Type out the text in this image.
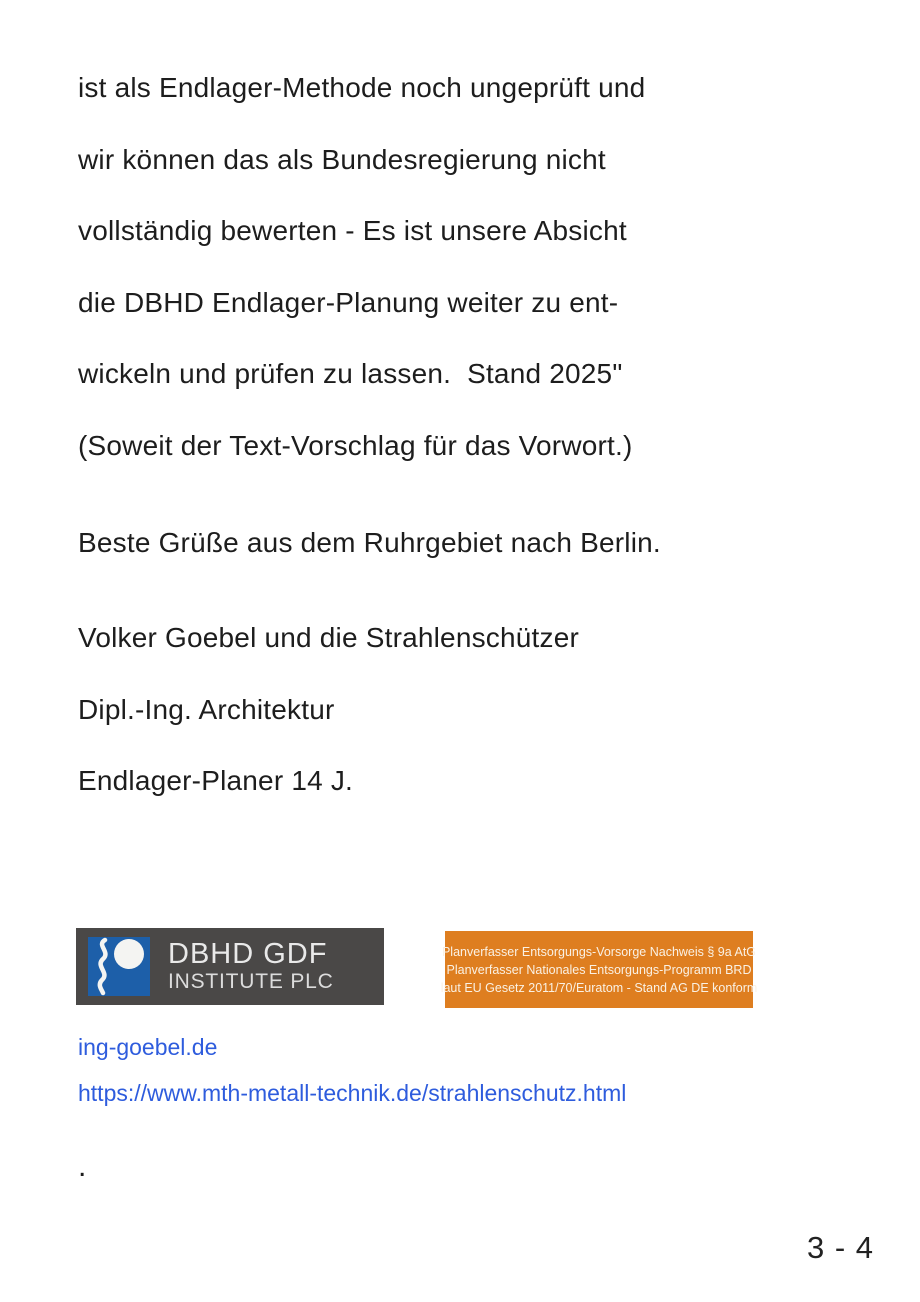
ist als Endlager-Methode noch ungeprüft und
wir können das als Bundesregierung nicht
vollständig bewerten - Es ist unsere Absicht
die DBHD Endlager-Planung weiter zu ent-
wickeln und prüfen zu lassen.  Stand 2025"
(Soweit der Text-Vorschlag für das Vorwort.)
Beste Grüße aus dem Ruhrgebiet nach Berlin.
Volker Goebel und die Strahlenschützer
Dipl.-Ing. Architektur
Endlager-Planer 14 J.
DBHD GDF
INSTITUTE PLC
Planverfasser Entsorgungs-Vorsorge Nachweis § 9a AtG
Planverfasser Nationales Entsorgungs-Programm BRD
laut EU Gesetz 2011/70/Euratom - Stand AG DE konform
ing-goebel.de
https://www.mth-metall-technik.de/strahlenschutz.html
.
3 - 4
